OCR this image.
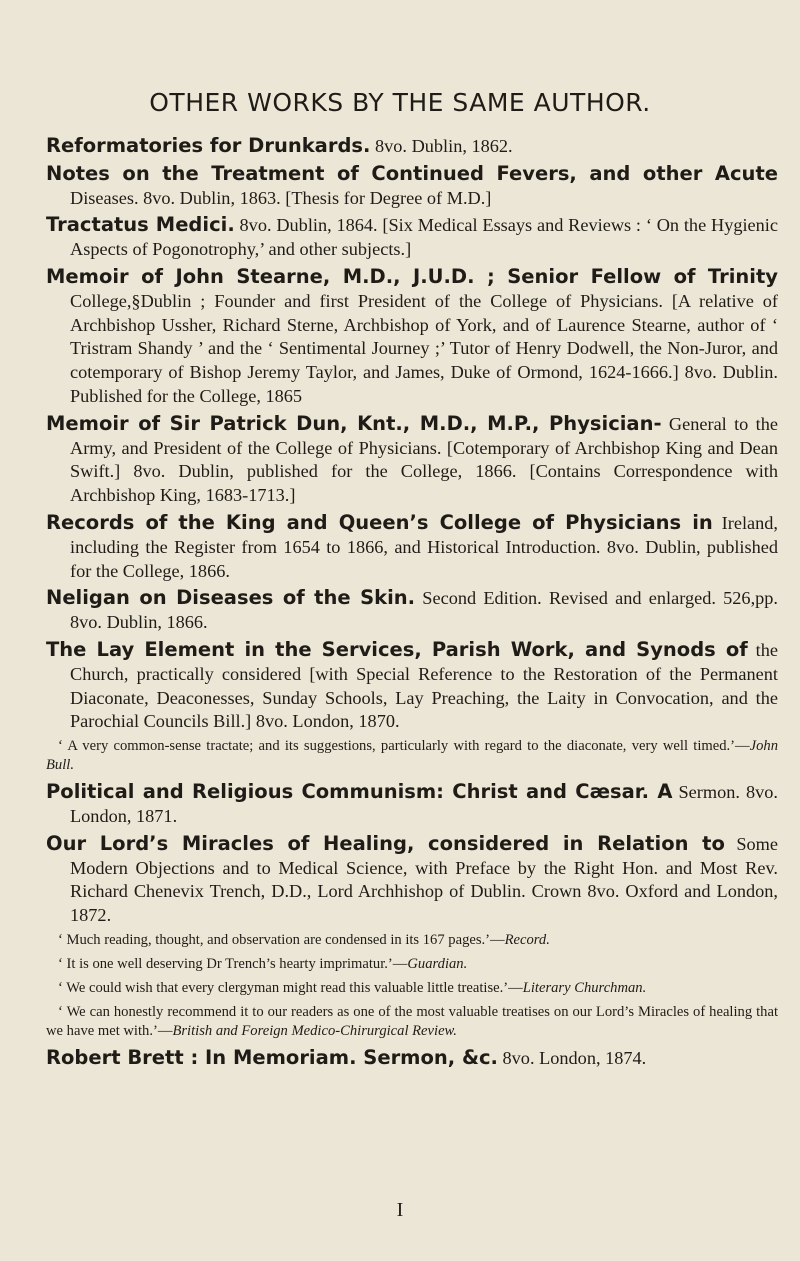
OTHER WORKS BY THE SAME AUTHOR.

Reformatories for Drunkards. 8vo. Dublin, 1862.

Notes on the Treatment of Continued Fevers, and other Acute Diseases. 8vo. Dublin, 1863. [Thesis for Degree of M.D.]

Tractatus Medici. 8vo. Dublin, 1864. [Six Medical Essays and Reviews : ‘ On the Hygienic Aspects of Pogonotrophy,’ and other subjects.]

Memoir of John Stearne, M.D., J.U.D. ; Senior Fellow of Trinity College,§Dublin ; Founder and first President of the College of Physicians. [A relative of Archbishop Ussher, Richard Sterne, Archbishop of York, and of Laurence Stearne, author of ‘ Tristram Shandy ’ and the ‘ Sentimental Journey ;’ Tutor of Henry Dodwell, the Non-Juror, and cotemporary of Bishop Jeremy Taylor, and James, Duke of Ormond, 1624-1666.] 8vo. Dublin. Published for the College, 1865

Memoir of Sir Patrick Dun, Knt., M.D., M.P., Physician- General to the Army, and President of the College of Physicians. [Cotemporary of Archbishop King and Dean Swift.] 8vo. Dublin, published for the College, 1866. [Contains Correspondence with Archbishop King, 1683-1713.]

Records of the King and Queen’s College of Physicians in Ireland, including the Register from 1654 to 1866, and Historical Introduction. 8vo. Dublin, published for the College, 1866.

Neligan on Diseases of the Skin. Second Edition. Revised and enlarged. 526,pp. 8vo. Dublin, 1866.

The Lay Element in the Services, Parish Work, and Synods of the Church, practically considered [with Special Reference to the Restoration of the Permanent Diaconate, Deaconesses, Sunday Schools, Lay Preaching, the Laity in Convocation, and the Parochial Councils Bill.] 8vo. London, 1870.

‘ A very common-sense tractate; and its suggestions, particularly with regard to the diaconate, very well timed.’—John Bull.

Political and Religious Communism: Christ and Cæsar. A Sermon. 8vo. London, 1871.

Our Lord’s Miracles of Healing, considered in Relation to Some Modern Objections and to Medical Science, with Preface by the Right Hon. and Most Rev. Richard Chenevix Trench, D.D., Lord Archhishop of Dublin. Crown 8vo. Oxford and London, 1872.

‘ Much reading, thought, and observation are condensed in its 167 pages.’—Record.

‘ It is one well deserving Dr Trench’s hearty imprimatur.’—Guardian.

‘ We could wish that every clergyman might read this valuable little treatise.’—Literary Churchman.

‘ We can honestly recommend it to our readers as one of the most valuable treatises on our Lord’s Miracles of healing that we have met with.’—British and Foreign Medico-Chirurgical Review.

Robert Brett : In Memoriam. Sermon, &c. 8vo. London, 1874.

I
